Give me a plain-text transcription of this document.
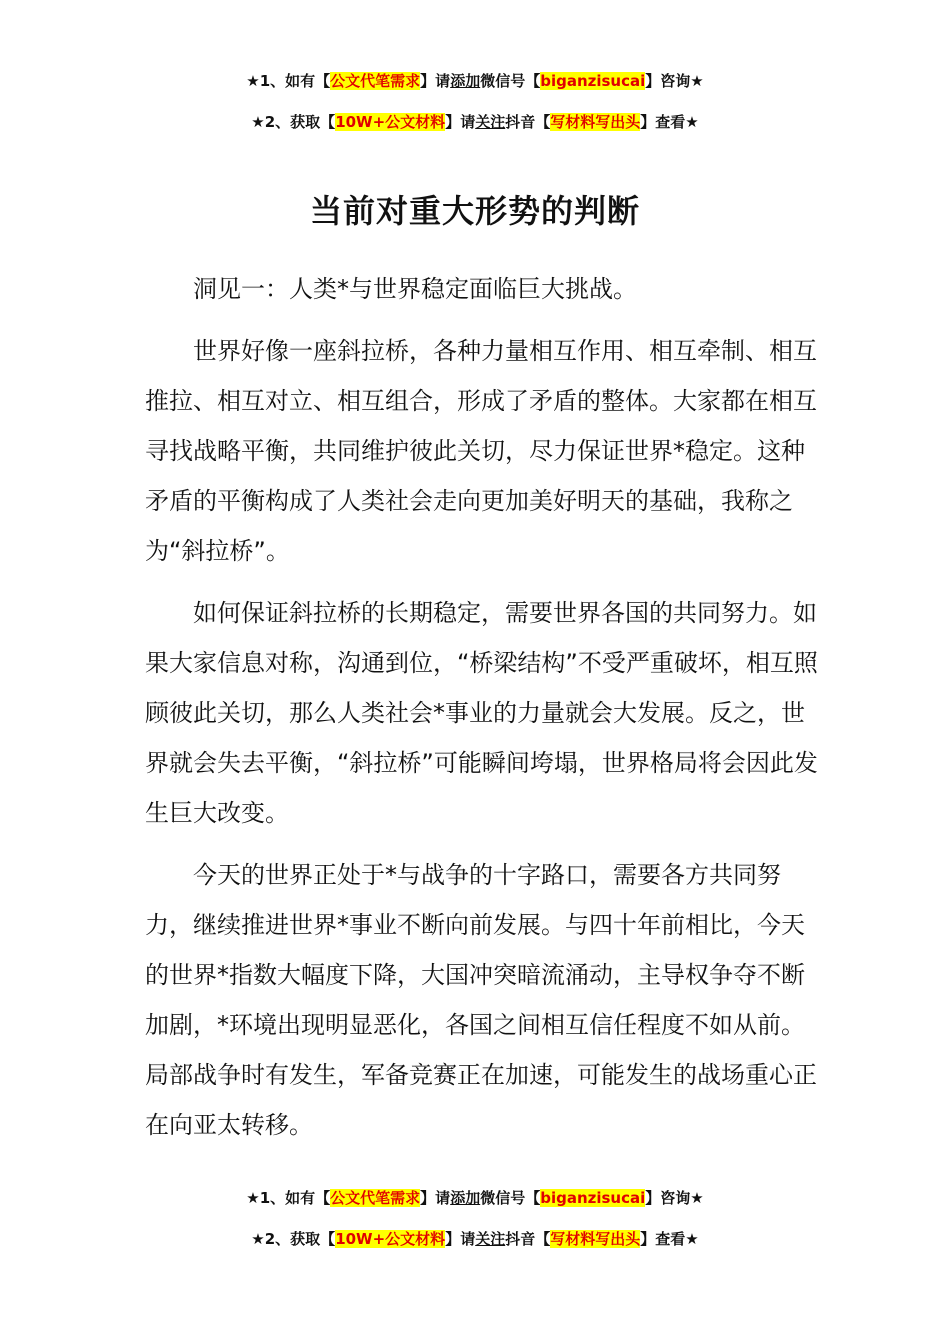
★1、如有【公文代笔需求】请添加微信号【biganzisucai】咨询★
★2、获取【10W+公文材料】请关注抖音【写材料写出头】查看★
当前对重大形势的判断

洞见一：人类*与世界稳定面临巨大挑战。

世界好像一座斜拉桥，各种力量相互作用、相互牵制、相互推拉、相互对立、相互组合，形成了矛盾的整体。大家都在相互寻找战略平衡，共同维护彼此关切，尽力保证世界*稳定。这种矛盾的平衡构成了人类社会走向更加美好明天的基础，我称之为“斜拉桥”。

如何保证斜拉桥的长期稳定，需要世界各国的共同努力。如果大家信息对称，沟通到位，“桥梁结构”不受严重破坏，相互照顾彼此关切，那么人类社会*事业的力量就会大发展。反之，世界就会失去平衡，“斜拉桥”可能瞬间垮塌，世界格局将会因此发生巨大改变。

今天的世界正处于*与战争的十字路口，需要各方共同努力，继续推进世界*事业不断向前发展。与四十年前相比，今天的世界*指数大幅度下降，大国冲突暗流涌动，主导权争夺不断加剧，*环境出现明显恶化，各国之间相互信任程度不如从前。局部战争时有发生，军备竞赛正在加速，可能发生的战场重心正在向亚太转移。

★1、如有【公文代笔需求】请添加微信号【biganzisucai】咨询★
★2、获取【10W+公文材料】请关注抖音【写材料写出头】查看★
